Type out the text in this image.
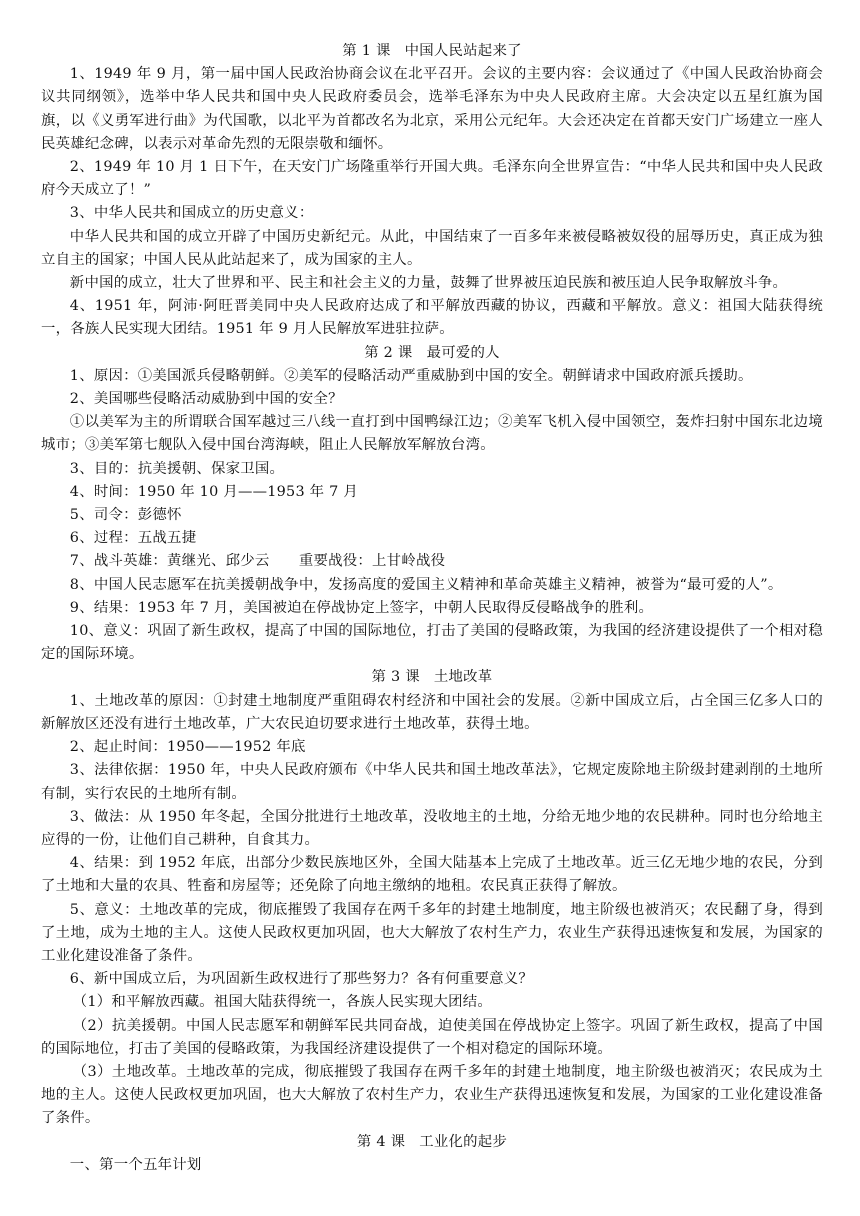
第 1 课 中国人民站起来了

1、1949 年 9 月，第一届中国人民政治协商会议在北平召开。会议的主要内容：会议通过了《中国人民政治协商会议共同纲领》，选举中华人民共和国中央人民政府委员会，选举毛泽东为中央人民政府主席。大会决定以五星红旗为国旗，以《义勇军进行曲》为代国歌，以北平为首都改名为北京，采用公元纪年。大会还决定在首都天安门广场建立一座人民英雄纪念碑，以表示对革命先烈的无限崇敬和缅怀。

2、1949 年 10 月 1 日下午，在天安门广场隆重举行开国大典。毛泽东向全世界宣告：“中华人民共和国中央人民政府今天成立了！”

3、中华人民共和国成立的历史意义：

中华人民共和国的成立开辟了中国历史新纪元。从此，中国结束了一百多年来被侵略被奴役的屈辱历史，真正成为独立自主的国家；中国人民从此站起来了，成为国家的主人。

新中国的成立，壮大了世界和平、民主和社会主义的力量，鼓舞了世界被压迫民族和被压迫人民争取解放斗争。

4、1951 年，阿沛·阿旺晋美同中央人民政府达成了和平解放西藏的协议，西藏和平解放。意义：祖国大陆获得统一，各族人民实现大团结。1951 年 9 月人民解放军进驻拉萨。

第 2 课 最可爱的人

1、原因：①美国派兵侵略朝鲜。②美军的侵略活动严重威胁到中国的安全。朝鲜请求中国政府派兵援助。

2、美国哪些侵略活动威胁到中国的安全？

①以美军为主的所谓联合国军越过三八线一直打到中国鸭绿江边；②美军飞机入侵中国领空，轰炸扫射中国东北边境城市；③美军第七舰队入侵中国台湾海峡，阻止人民解放军解放台湾。

3、目的：抗美援朝、保家卫国。

4、时间：1950 年 10 月——1953 年 7 月

5、司令：彭德怀

6、过程：五战五捷

7、战斗英雄：黄继光、邱少云　　重要战役：上甘岭战役

8、中国人民志愿军在抗美援朝战争中，发扬高度的爱国主义精神和革命英雄主义精神，被誉为“最可爱的人”。

9、结果：1953 年 7 月，美国被迫在停战协定上签字，中朝人民取得反侵略战争的胜利。

10、意义：巩固了新生政权，提高了中国的国际地位，打击了美国的侵略政策，为我国的经济建设提供了一个相对稳定的国际环境。

第 3 课 土地改革

1、土地改革的原因：①封建土地制度严重阻碍农村经济和中国社会的发展。②新中国成立后，占全国三亿多人口的新解放区还没有进行土地改革，广大农民迫切要求进行土地改革，获得土地。

2、起止时间：1950——1952 年底

3、法律依据：1950 年，中央人民政府颁布《中华人民共和国土地改革法》，它规定废除地主阶级封建剥削的土地所有制，实行农民的土地所有制。

3、做法：从 1950 年冬起，全国分批进行土地改革，没收地主的土地，分给无地少地的农民耕种。同时也分给地主应得的一份，让他们自己耕种，自食其力。

4、结果：到 1952 年底，出部分少数民族地区外，全国大陆基本上完成了土地改革。近三亿无地少地的农民，分到了土地和大量的农具、牲畜和房屋等；还免除了向地主缴纳的地租。农民真正获得了解放。

5、意义：土地改革的完成，彻底摧毁了我国存在两千多年的封建土地制度，地主阶级也被消灭；农民翻了身，得到了土地，成为土地的主人。这使人民政权更加巩固，也大大解放了农村生产力，农业生产获得迅速恢复和发展，为国家的工业化建设准备了条件。

6、新中国成立后，为巩固新生政权进行了那些努力？各有何重要意义？

（1）和平解放西藏。祖国大陆获得统一，各族人民实现大团结。

（2）抗美援朝。中国人民志愿军和朝鲜军民共同奋战，迫使美国在停战协定上签字。巩固了新生政权，提高了中国的国际地位，打击了美国的侵略政策，为我国经济建设提供了一个相对稳定的国际环境。

（3）土地改革。土地改革的完成，彻底摧毁了我国存在两千多年的封建土地制度，地主阶级也被消灭；农民成为土地的主人。这使人民政权更加巩固，也大大解放了农村生产力，农业生产获得迅速恢复和发展，为国家的工业化建设准备了条件。

第 4 课 工业化的起步

一、第一个五年计划
